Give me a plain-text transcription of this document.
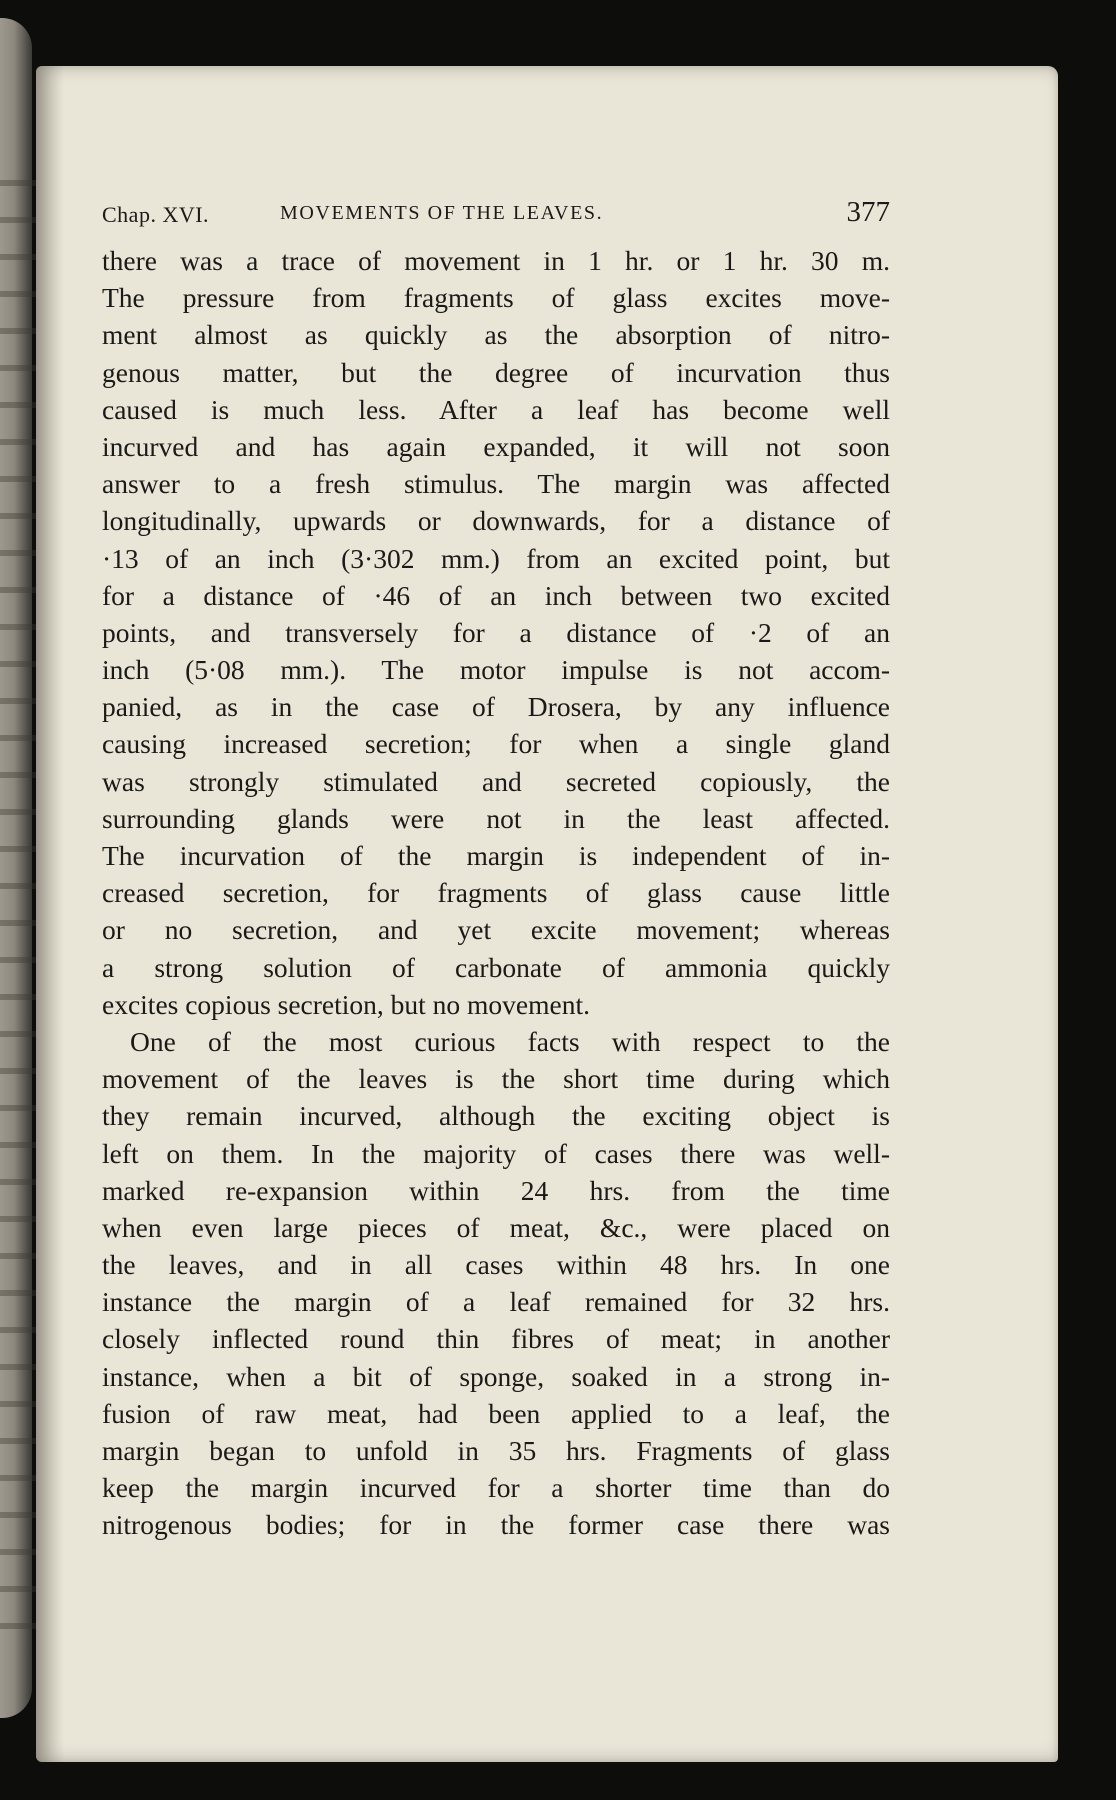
Chap. XVI.	MOVEMENTS OF THE LEAVES.	377
there was a trace of movement in 1 hr. or 1 hr. 30 m.
The pressure from fragments of glass excites move-
ment almost as quickly as the absorption of nitro-
genous matter, but the degree of incurvation thus
caused is much less. After a leaf has become well
incurved and has again expanded, it will not soon
answer to a fresh stimulus. The margin was affected
longitudinally, upwards or downwards, for a distance of
·13 of an inch (3·302 mm.) from an excited point, but
for a distance of ·46 of an inch between two excited
points, and transversely for a distance of ·2 of an
inch (5·08 mm.). The motor impulse is not accom-
panied, as in the case of Drosera, by any influence
causing increased secretion; for when a single gland
was strongly stimulated and secreted copiously, the
surrounding glands were not in the least affected.
The incurvation of the margin is independent of in-
creased secretion, for fragments of glass cause little
or no secretion, and yet excite movement; whereas
a strong solution of carbonate of ammonia quickly
excites copious secretion, but no movement.
One of the most curious facts with respect to the
movement of the leaves is the short time during which
they remain incurved, although the exciting object is
left on them. In the majority of cases there was well-
marked re-expansion within 24 hrs. from the time
when even large pieces of meat, &c., were placed on
the leaves, and in all cases within 48 hrs. In one
instance the margin of a leaf remained for 32 hrs.
closely inflected round thin fibres of meat; in another
instance, when a bit of sponge, soaked in a strong in-
fusion of raw meat, had been applied to a leaf, the
margin began to unfold in 35 hrs. Fragments of glass
keep the margin incurved for a shorter time than do
nitrogenous bodies; for in the former case there was
